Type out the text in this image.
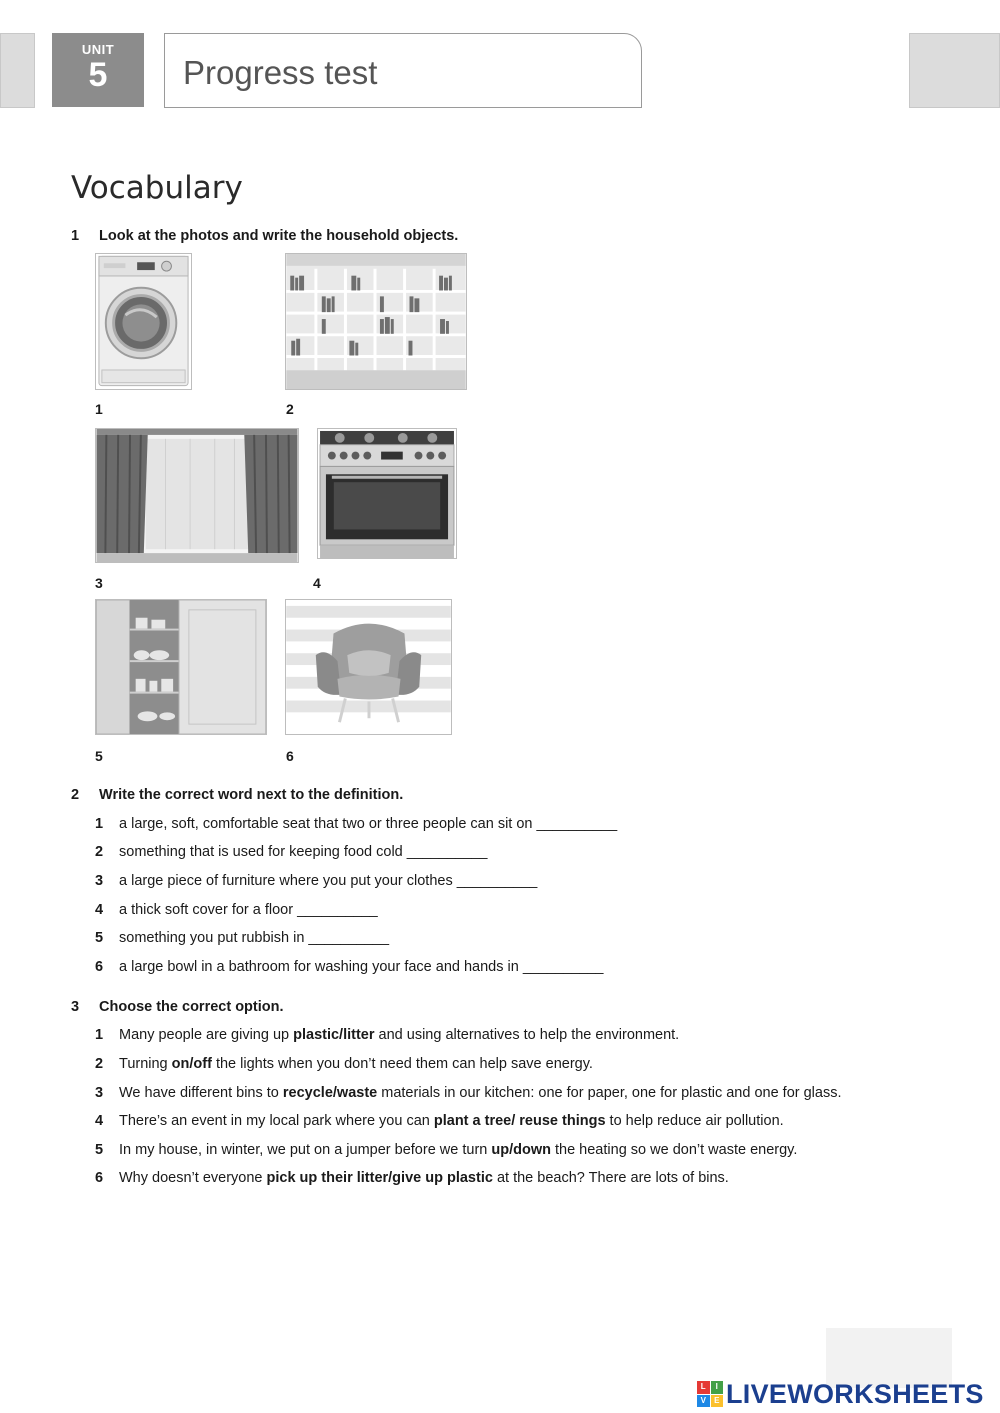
UNIT
5	Progress test
Vocabulary
1 Look at the photos and write the household objects.
1	2
3	4
5	6
2 Write the correct word next to the definition.
1 a large, soft, comfortable seat that two or three people can sit on __________
2 something that is used for keeping food cold __________
3 a large piece of furniture where you put your clothes __________
4 a thick soft cover for a floor __________
5 something you put rubbish in __________
6 a large bowl in a bathroom for washing your face and hands in __________
3 Choose the correct option.
1 Many people are giving up plastic/litter and using alternatives to help the environment.
2 Turning on/off the lights when you don’t need them can help save energy.
3 We have different bins to recycle/waste materials in our kitchen: one for paper, one for plastic and one for glass.
4 There’s an event in my local park where you can plant a tree/ reuse things to help reduce air pollution.
5 In my house, in winter, we put on a jumper before we turn up/down the heating so we don’t waste energy.
6 Why doesn’t everyone pick up their litter/give up plastic at the beach? There are lots of bins.
L	I
V	E LIVEWORKSHEETS
